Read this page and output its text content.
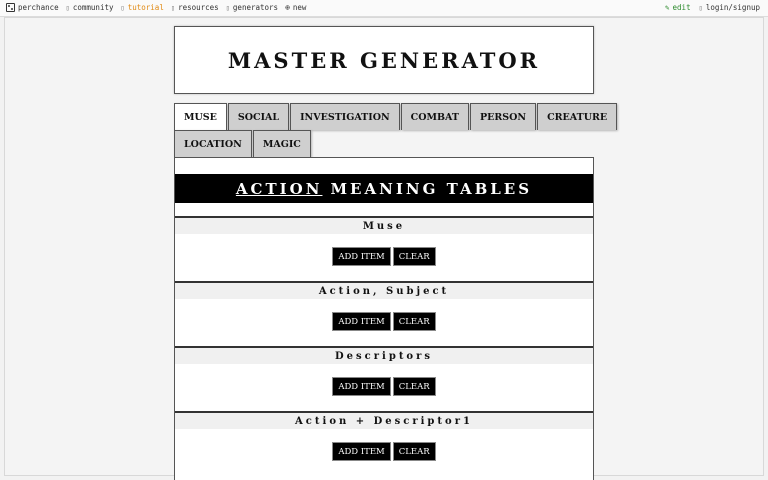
perchance ▯ community ▯ tutorial ▯ resources ▯ generators ⊕ new	✎ edit ▯ login/signup
MASTER GENERATOR
MUSE	SOCIAL	INVESTIGATION	COMBAT	PERSON	CREATURE
LOCATION	MAGIC
ACTION MEANING TABLES
Muse
ADD ITEM	CLEAR
Action, Subject
ADD ITEM	CLEAR
Descriptors
ADD ITEM	CLEAR
Action + Descriptor1
ADD ITEM	CLEAR
